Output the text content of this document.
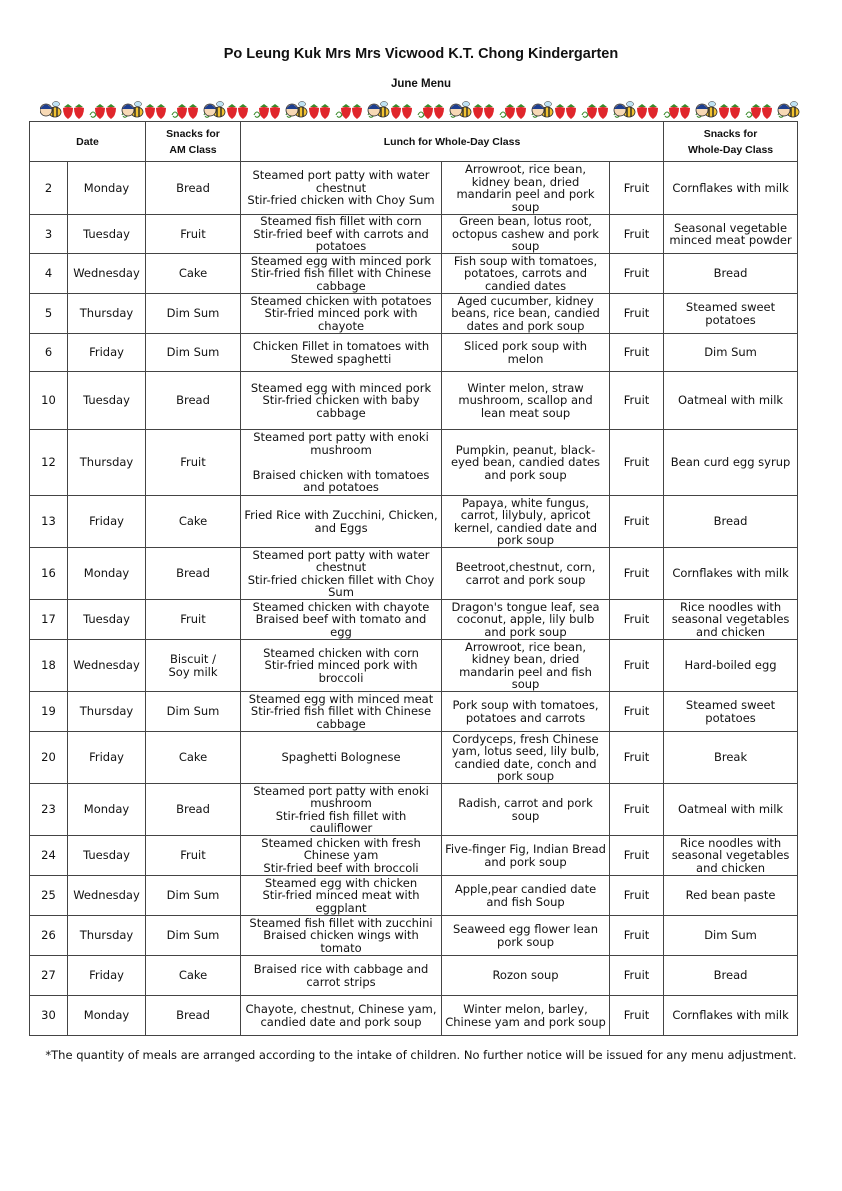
Po Leung Kuk Mrs Mrs Vicwood K.T. Chong Kindergarten
June Menu
Date		Snacks for
AM Class	Lunch for Whole-Day Class			Snacks for
Whole-Day Class
2	Monday	Bread	Steamed port patty with water chestnut
Stir-fried chicken with Choy Sum	Arrowroot, rice bean, kidney bean, dried mandarin peel and pork soup	Fruit	Cornflakes with milk
3	Tuesday	Fruit	Steamed fish fillet with corn
Stir-fried beef with carrots and potatoes	Green bean, lotus root, octopus cashew and pork soup	Fruit	Seasonal vegetable minced meat powder
4	Wednesday	Cake	Steamed egg with minced pork
Stir-fried fish fillet with Chinese cabbage	Fish soup with tomatoes, potatoes, carrots and candied dates	Fruit	Bread
5	Thursday	Dim Sum	Steamed chicken with potatoes
Stir-fried minced pork with chayote	Aged cucumber, kidney beans, rice bean, candied dates and pork soup	Fruit	Steamed sweet potatoes
6	Friday	Dim Sum	Chicken Fillet in tomatoes with Stewed spaghetti	Sliced pork soup with melon	Fruit	Dim Sum
10	Tuesday	Bread	Steamed egg with minced pork
Stir-fried chicken with baby cabbage	Winter melon, straw mushroom, scallop and lean meat soup	Fruit	Oatmeal with milk
12	Thursday	Fruit	Steamed port patty with enoki mushroom

Braised chicken with tomatoes and potatoes	Pumpkin, peanut, black-eyed bean, candied dates and pork soup	Fruit	Bean curd egg syrup
13	Friday	Cake	Fried Rice with Zucchini, Chicken, and Eggs	Papaya, white fungus, carrot, lilybuly, apricot kernel, candied date and pork soup	Fruit	Bread
16	Monday	Bread	Steamed port patty with water chestnut
Stir-fried chicken fillet with Choy Sum	Beetroot,chestnut, corn, carrot and pork soup	Fruit	Cornflakes with milk
17	Tuesday	Fruit	Steamed chicken with chayote
Braised beef with tomato and egg	Dragon's tongue leaf, sea coconut, apple, lily bulb and pork soup	Fruit	Rice noodles with seasonal vegetables and chicken
18	Wednesday	Biscuit /
Soy milk	Steamed chicken with corn
Stir-fried minced pork with broccoli	Arrowroot, rice bean, kidney bean, dried mandarin peel and fish soup	Fruit	Hard-boiled egg
19	Thursday	Dim Sum	Steamed egg with minced meat
Stir-fried fish fillet with Chinese cabbage	Pork soup with tomatoes, potatoes and carrots	Fruit	Steamed sweet potatoes
20	Friday	Cake	Spaghetti Bolognese	Cordyceps, fresh Chinese yam, lotus seed, lily bulb, candied date, conch and pork soup	Fruit	Break
23	Monday	Bread	Steamed port patty with enoki mushroom
Stir-fried fish fillet with cauliflower	Radish, carrot and pork soup	Fruit	Oatmeal with milk
24	Tuesday	Fruit	Steamed chicken with fresh Chinese yam
Stir-fried beef with broccoli	Five-finger Fig, Indian Bread and pork soup	Fruit	Rice noodles with seasonal vegetables and chicken
25	Wednesday	Dim Sum	Steamed egg with chicken
Stir-fried minced meat with eggplant	Apple,pear candied date and fish Soup	Fruit	Red bean paste
26	Thursday	Dim Sum	Steamed fish fillet with zucchini
Braised chicken wings with tomato	Seaweed egg flower lean pork soup	Fruit	Dim Sum
27	Friday	Cake	Braised rice with cabbage and carrot strips	Rozon soup	Fruit	Bread
30	Monday	Bread	Chayote, chestnut, Chinese yam, candied date and pork soup	Winter melon, barley, Chinese yam and pork soup	Fruit	Cornflakes with milk
*The quantity of meals are arranged according to the intake of children. No further notice will be issued for any menu adjustment.
